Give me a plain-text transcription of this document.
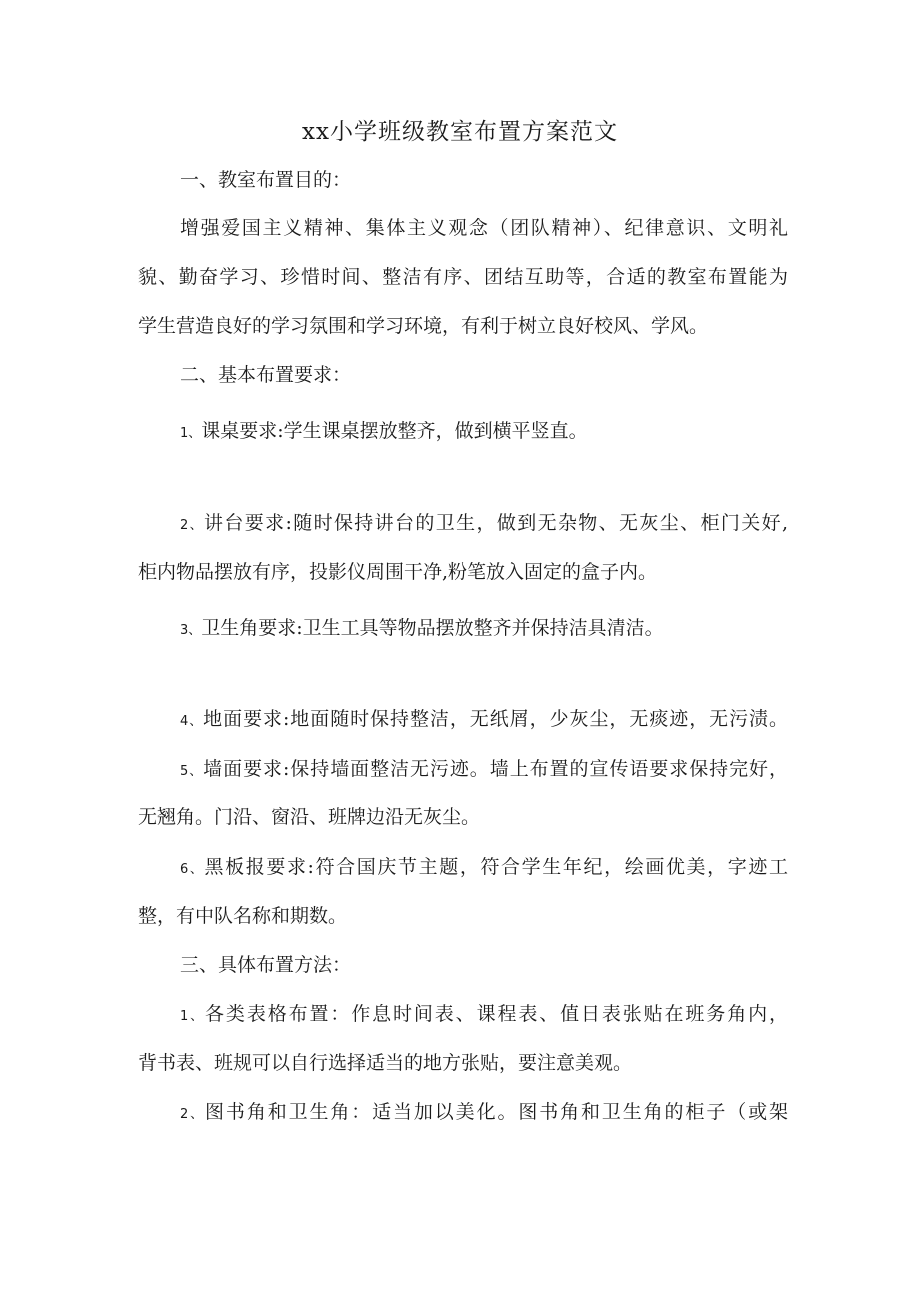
xx小学班级教室布置方案范文
一、教室布置目的：
增强爱国主义精神、集体主义观念（团队精神）、纪律意识、文明礼
貌、勤奋学习、珍惜时间、整洁有序、团结互助等，合适的教室布置能为
学生营造良好的学习氛围和学习环境，有利于树立良好校风、学风。
二、基本布置要求：
1、课桌要求:学生课桌摆放整齐，做到横平竖直。
2、讲台要求:随时保持讲台的卫生，做到无杂物、无灰尘、柜门关好,
柜内物品摆放有序，投影仪周围干净,粉笔放入固定的盒子内。
3、卫生角要求:卫生工具等物品摆放整齐并保持洁具清洁。
4、地面要求:地面随时保持整洁，无纸屑，少灰尘，无痰迹，无污渍。
5、墙面要求:保持墙面整洁无污迹。墙上布置的宣传语要求保持完好，
无翘角。门沿、窗沿、班牌边沿无灰尘。
6、黑板报要求:符合国庆节主题，符合学生年纪，绘画优美，字迹工
整，有中队名称和期数。
三、具体布置方法：
1、各类表格布置：作息时间表、课程表、值日表张贴在班务角内，
背书表、班规可以自行选择适当的地方张贴，要注意美观。
2、图书角和卫生角：适当加以美化。图书角和卫生角的柜子（或架
